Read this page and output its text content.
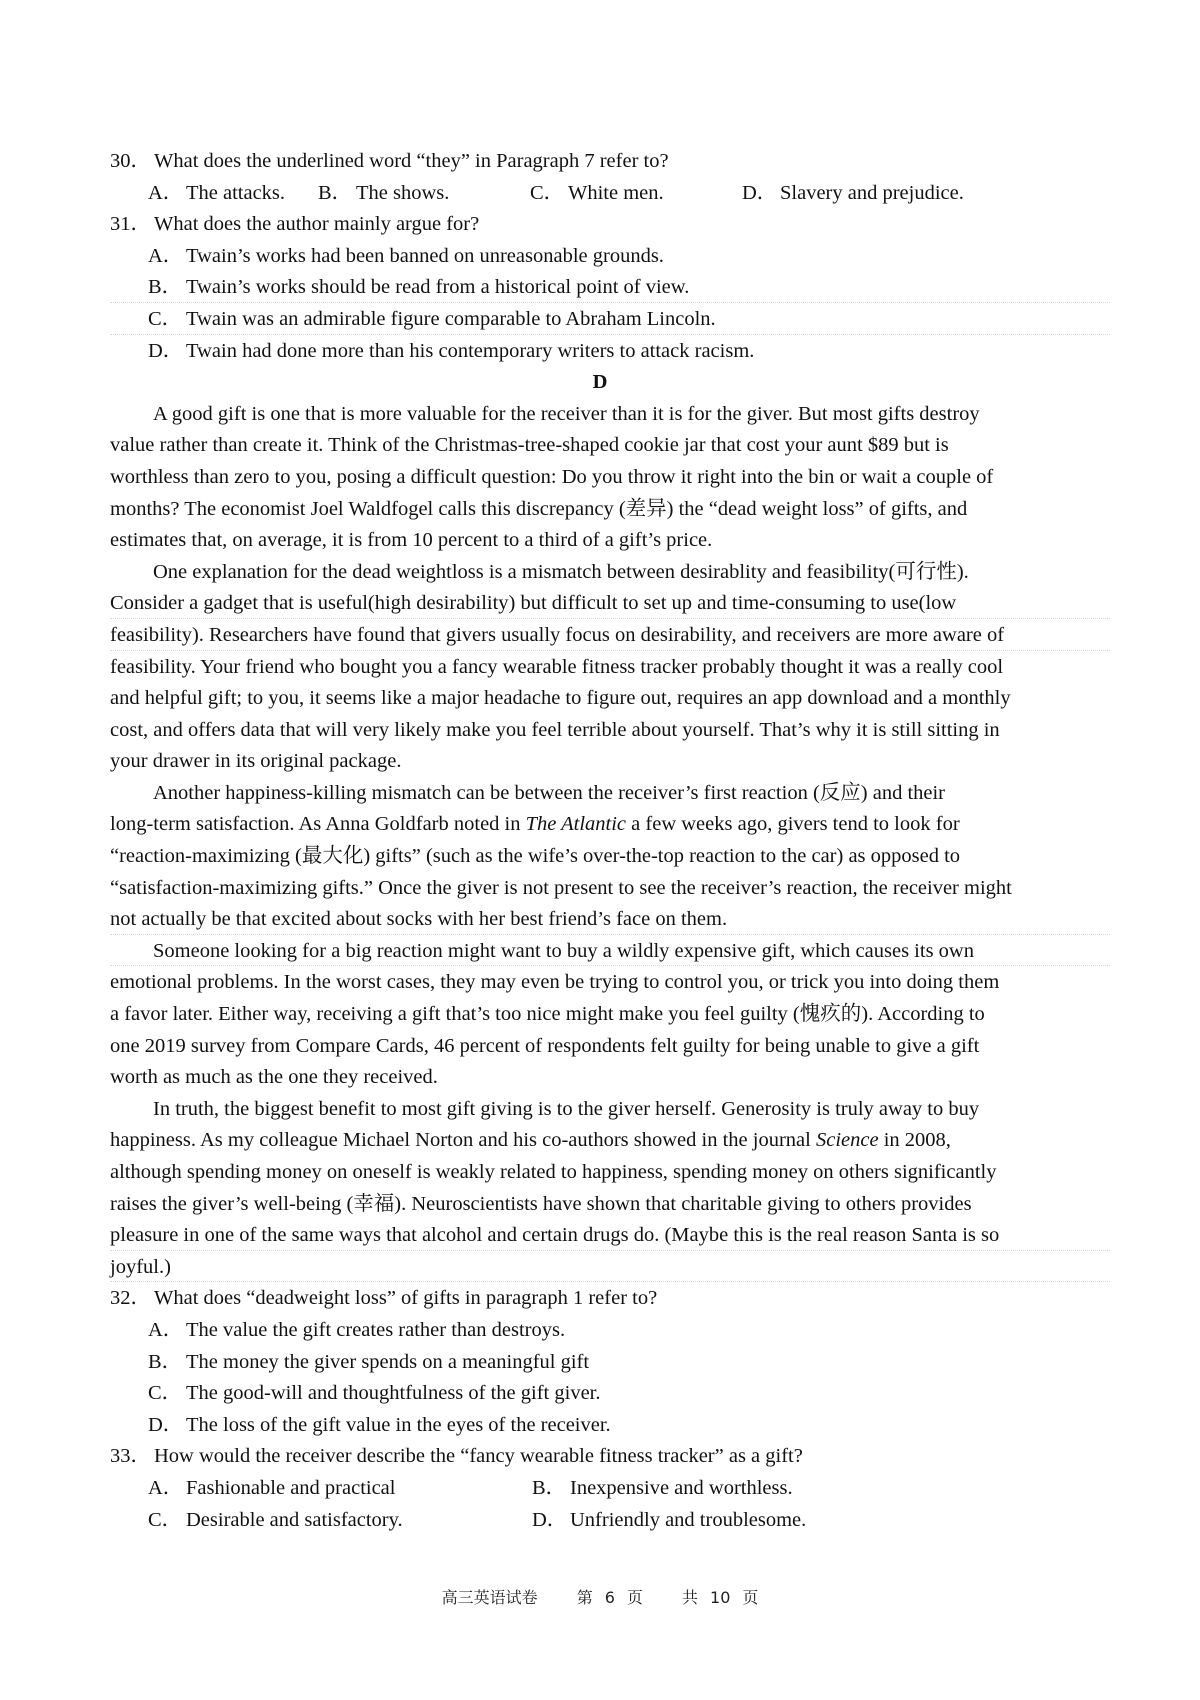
30． What does the underlined word “they” in Paragraph 7 refer to?
A． The attacks. B． The shows.	C． White men.	D． Slavery and prejudice.
31． What does the author mainly argue for?
A． Twain’s works had been banned on unreasonable grounds.
B． Twain’s works should be read from a historical point of view.
C． Twain was an admirable figure comparable to Abraham Lincoln.
D． Twain had done more than his contemporary writers to attack racism.
D
A good gift is one that is more valuable for the receiver than it is for the giver. But most gifts destroy
value rather than create it. Think of the Christmas-tree-shaped cookie jar that cost your aunt $89 but is
worthless than zero to you, posing a difficult question: Do you throw it right into the bin or wait a couple of
months? The economist Joel Waldfogel calls this discrepancy (差异) the “dead weight loss” of gifts, and
estimates that, on average, it is from 10 percent to a third of a gift’s price.
One explanation for the dead weightloss is a mismatch between desirablity and feasibility(可行性).
Consider a gadget that is useful(high desirability) but difficult to set up and time-consuming to use(low
feasibility). Researchers have found that givers usually focus on desirability, and receivers are more aware of
feasibility. Your friend who bought you a fancy wearable fitness tracker probably thought it was a really cool
and helpful gift; to you, it seems like a major headache to figure out, requires an app download and a monthly
cost, and offers data that will very likely make you feel terrible about yourself. That’s why it is still sitting in
your drawer in its original package.
Another happiness-killing mismatch can be between the receiver’s first reaction (反应) and their
long-term satisfaction. As Anna Goldfarb noted in The Atlantic a few weeks ago, givers tend to look for
“reaction-maximizing (最大化) gifts” (such as the wife’s over-the-top reaction to the car) as opposed to
“satisfaction-maximizing gifts.” Once the giver is not present to see the receiver’s reaction, the receiver might
not actually be that excited about socks with her best friend’s face on them.
Someone looking for a big reaction might want to buy a wildly expensive gift, which causes its own
emotional problems. In the worst cases, they may even be trying to control you, or trick you into doing them
a favor later. Either way, receiving a gift that’s too nice might make you feel guilty (愧疚的). According to
one 2019 survey from Compare Cards, 46 percent of respondents felt guilty for being unable to give a gift
worth as much as the one they received.
In truth, the biggest benefit to most gift giving is to the giver herself. Generosity is truly away to buy
happiness. As my colleague Michael Norton and his co-authors showed in the journal Science in 2008,
although spending money on oneself is weakly related to happiness, spending money on others significantly
raises the giver’s well-being (幸福). Neuroscientists have shown that charitable giving to others provides
pleasure in one of the same ways that alcohol and certain drugs do. (Maybe this is the real reason Santa is so
joyful.)
32． What does “deadweight loss” of gifts in paragraph 1 refer to?
A． The value the gift creates rather than destroys.
B． The money the giver spends on a meaningful gift
C． The good-will and thoughtfulness of the gift giver.
D． The loss of the gift value in the eyes of the receiver.
33． How would the receiver describe the “fancy wearable fitness tracker” as a gift?
A． Fashionable and practical	B． Inexpensive and worthless.
C． Desirable and satisfactory.	D． Unfriendly and troublesome.
高三英语试卷 第 6 页 共 10 页
